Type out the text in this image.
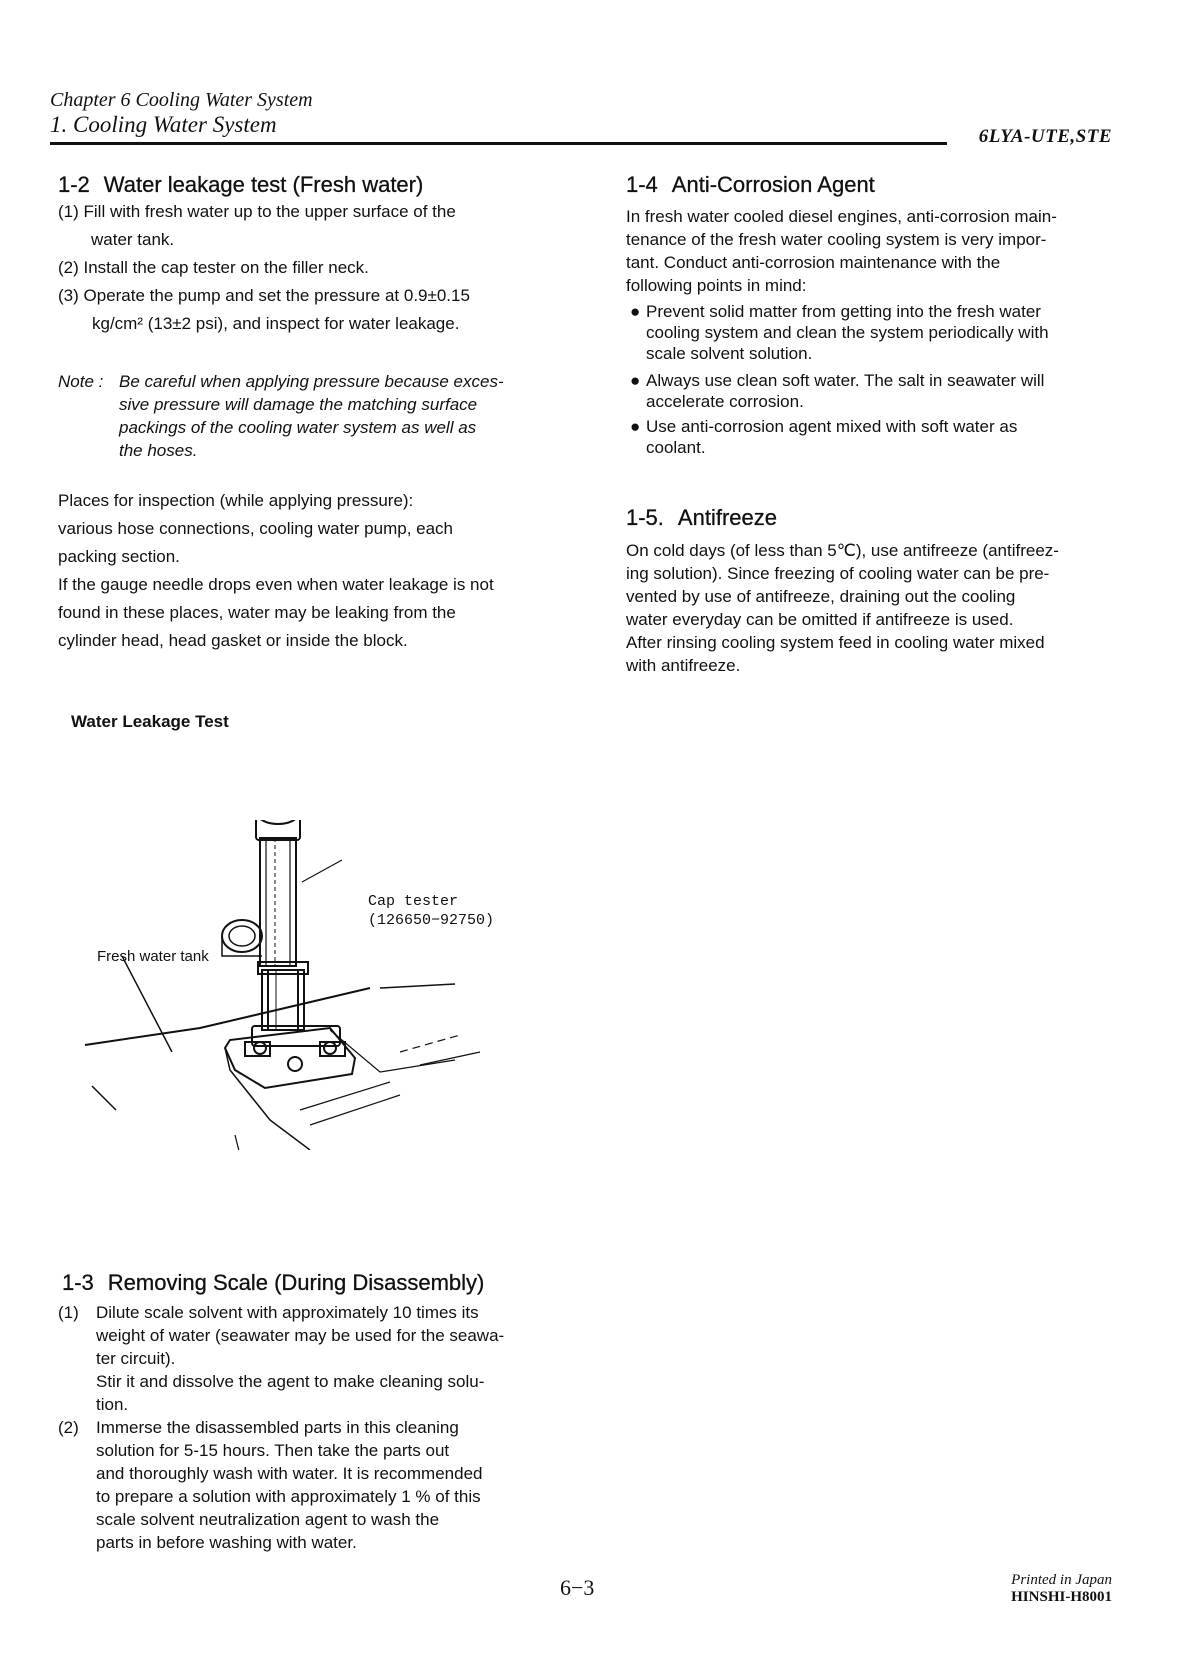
Chapter 6 Cooling Water System
1. Cooling Water System	6LYA-UTE,STE
1-2 Water leakage test (Fresh water)
(1) Fill with fresh water up to the upper surface of the
water tank.
(2) Install the cap tester on the filler neck.
(3) Operate the pump and set the pressure at 0.9±0.15
kg/cm² (13±2 psi), and inspect for water leakage.
Note : Be careful when applying pressure because exces-
sive pressure will damage the matching surface
packings of the cooling water system as well as
the hoses.
Places for inspection (while applying pressure):
various hose connections, cooling water pump, each
packing section.
If the gauge needle drops even when water leakage is not
found in these places, water may be leaking from the
cylinder head, head gasket or inside the block.
Water Leakage Test
Cap tester
(126650−92750)
Fresh water tank
1-3 Removing Scale (During Disassembly)
(1) Dilute scale solvent with approximately 10 times its
weight of water (seawater may be used for the seawa-
ter circuit).
Stir it and dissolve the agent to make cleaning solu-
tion.
(2) Immerse the disassembled parts in this cleaning
solution for 5-15 hours. Then take the parts out
and thoroughly wash with water. It is recommended
to prepare a solution with approximately 1 % of this
scale solvent neutralization agent to wash the
parts in before washing with water.
1-4 Anti-Corrosion Agent
In fresh water cooled diesel engines, anti-corrosion main-
tenance of the fresh water cooling system is very impor-
tant. Conduct anti-corrosion maintenance with the
following points in mind:
● Prevent solid matter from getting into the fresh water
cooling system and clean the system periodically with
scale solvent solution.
● Always use clean soft water. The salt in seawater will
accelerate corrosion.
● Use anti-corrosion agent mixed with soft water as
coolant.
1-5. Antifreeze
On cold days (of less than 5℃), use antifreeze (antifreez-
ing solution). Since freezing of cooling water can be pre-
vented by use of antifreeze, draining out the cooling
water everyday can be omitted if antifreeze is used.
After rinsing cooling system feed in cooling water mixed
with antifreeze.
6−3	Printed in Japan
HINSHI-H8001
